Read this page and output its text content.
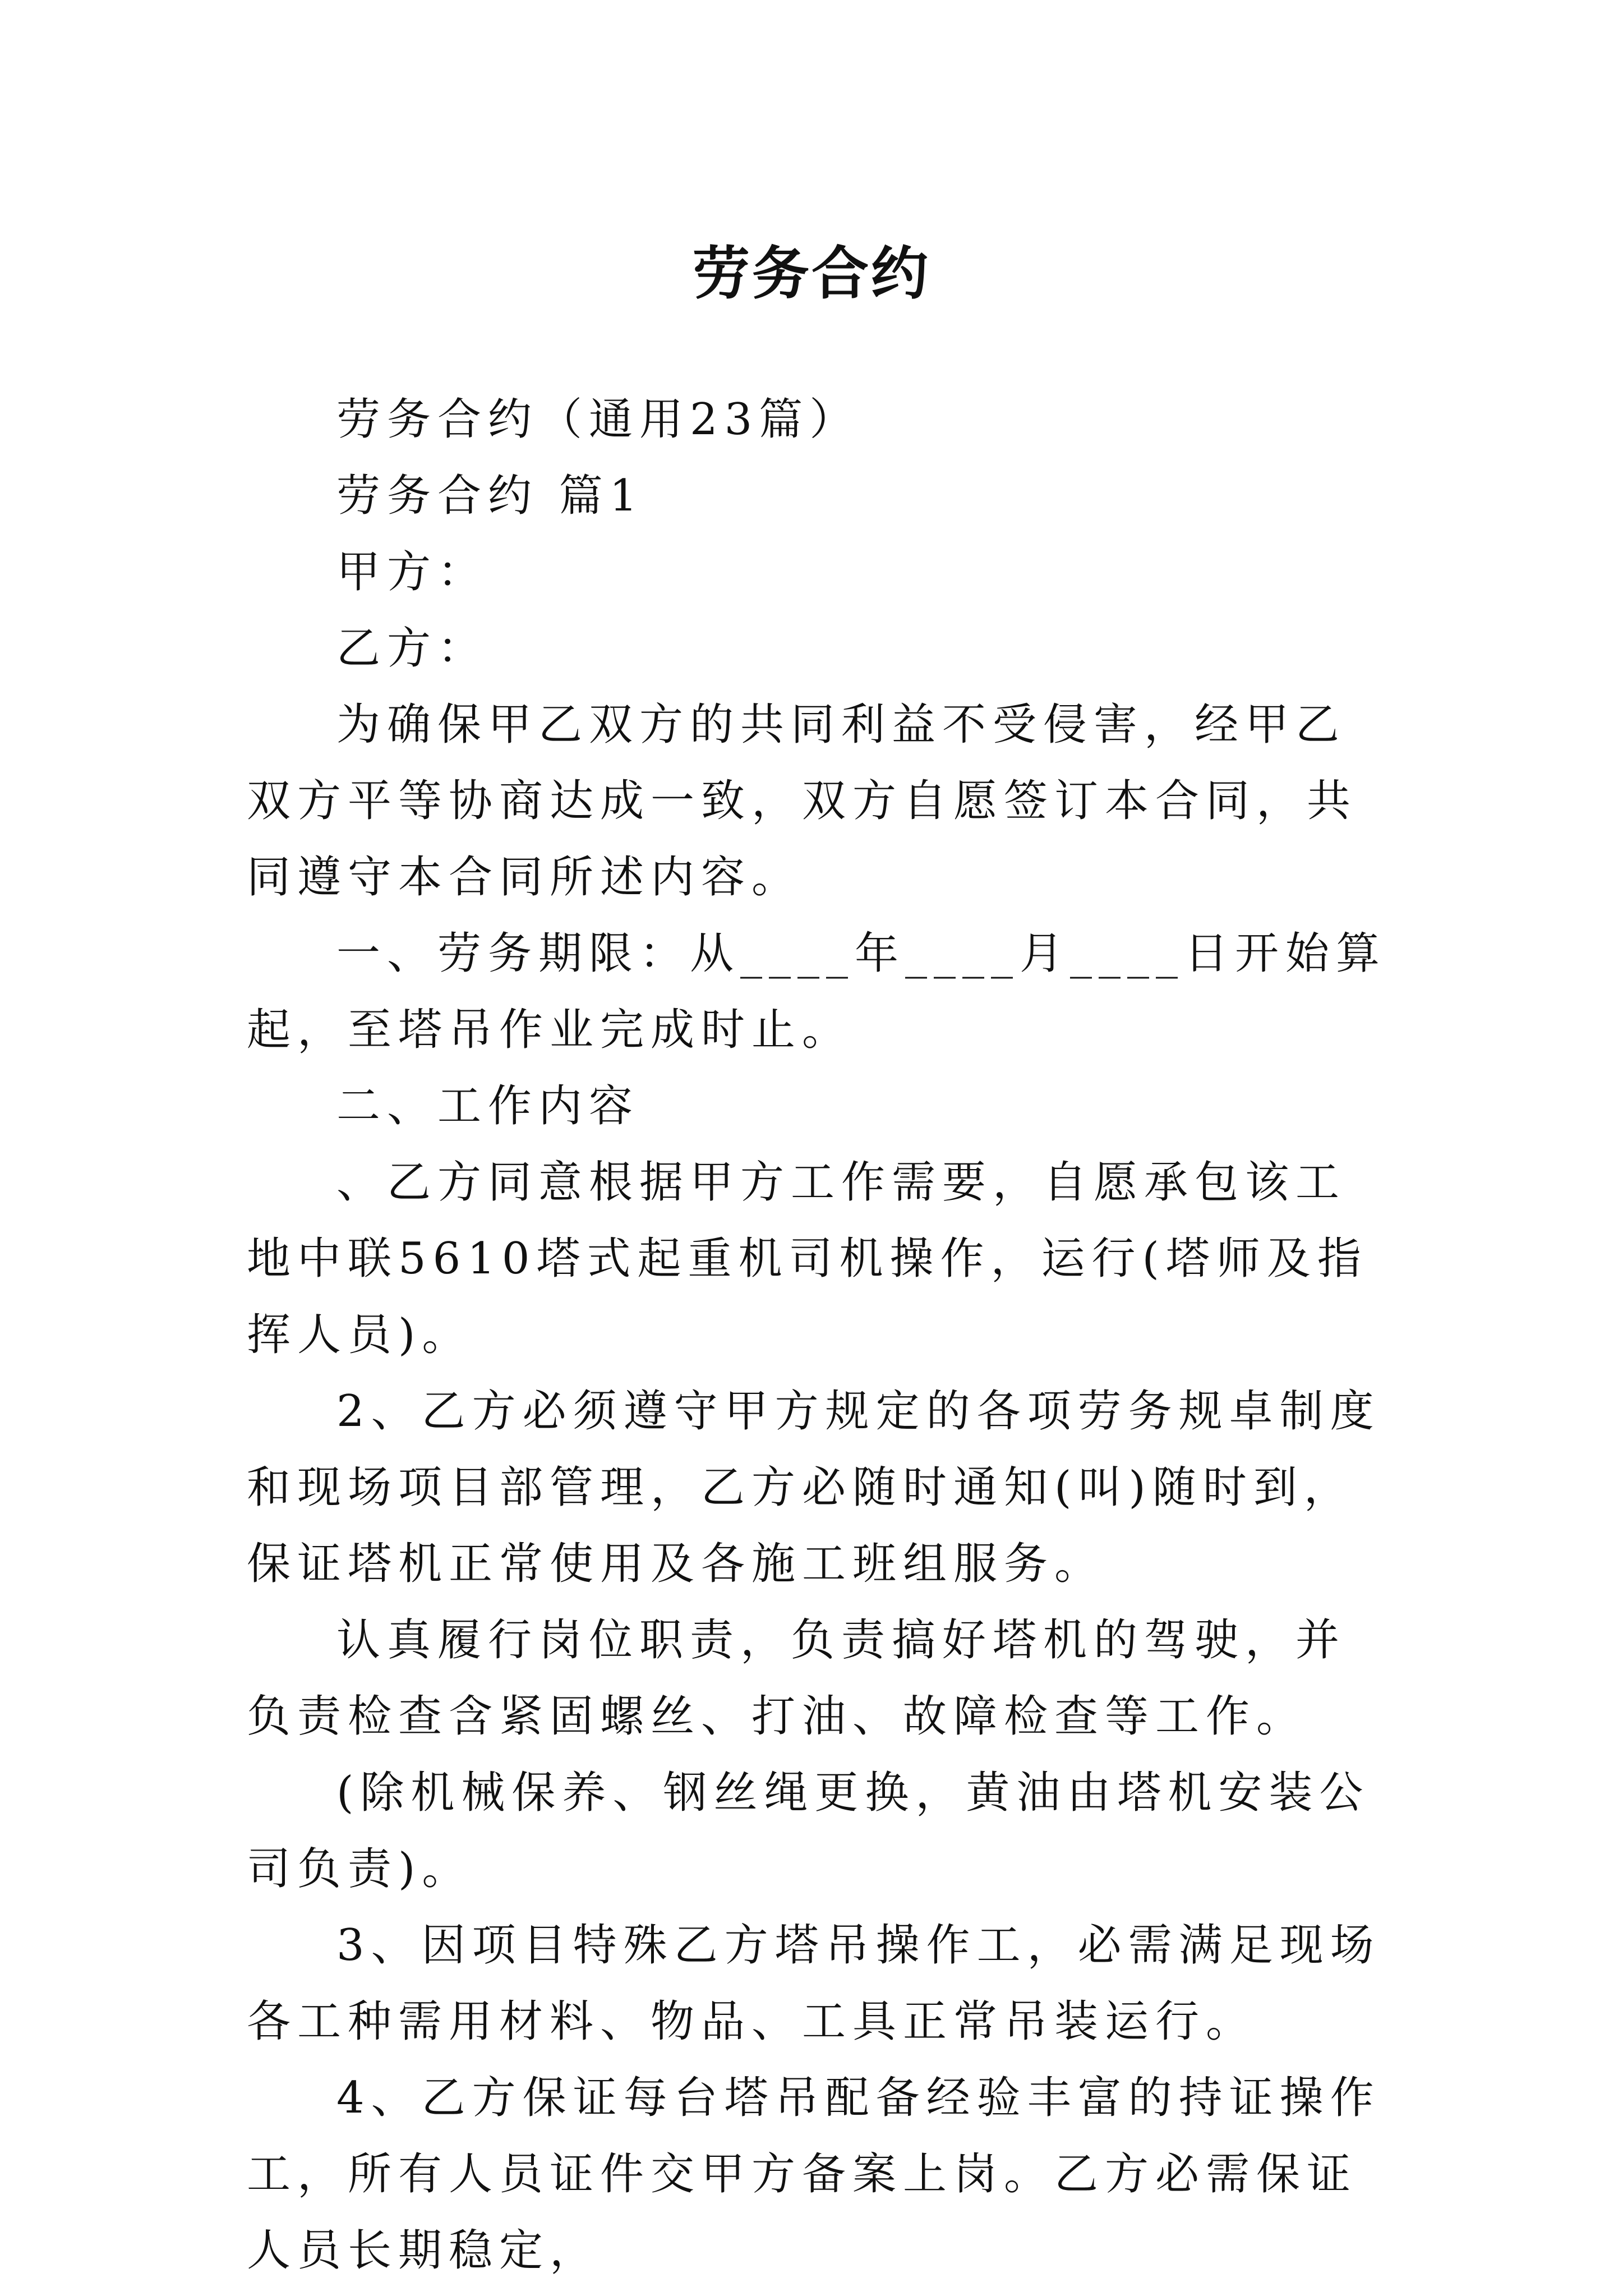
劳务合约

劳务合约（通用23篇）

劳务合约 篇1

甲方：

乙方：

为确保甲乙双方的共同利益不受侵害，经甲乙双方平等协商达成一致，双方自愿签订本合同，共同遵守本合同所述内容。

一、劳务期限：从____年____月____日开始算起，至塔吊作业完成时止。

二、工作内容

、乙方同意根据甲方工作需要，自愿承包该工地中联5610塔式起重机司机操作，运行(塔师及指挥人员)。

2、乙方必须遵守甲方规定的各项劳务规卓制度和现场项目部管理，乙方必随时通知(叫)随时到，保证塔机正常使用及各施工班组服务。

认真履行岗位职责，负责搞好塔机的驾驶，并负责检查含紧固螺丝、打油、故障检查等工作。

(除机械保养、钢丝绳更换，黄油由塔机安装公司负责)。

3、因项目特殊乙方塔吊操作工，必需满足现场各工种需用材料、物品、工具正常吊装运行。

4、乙方保证每台塔吊配备经验丰富的持证操作工，所有人员证件交甲方备案上岗。乙方必需保证人员长期稳定，
